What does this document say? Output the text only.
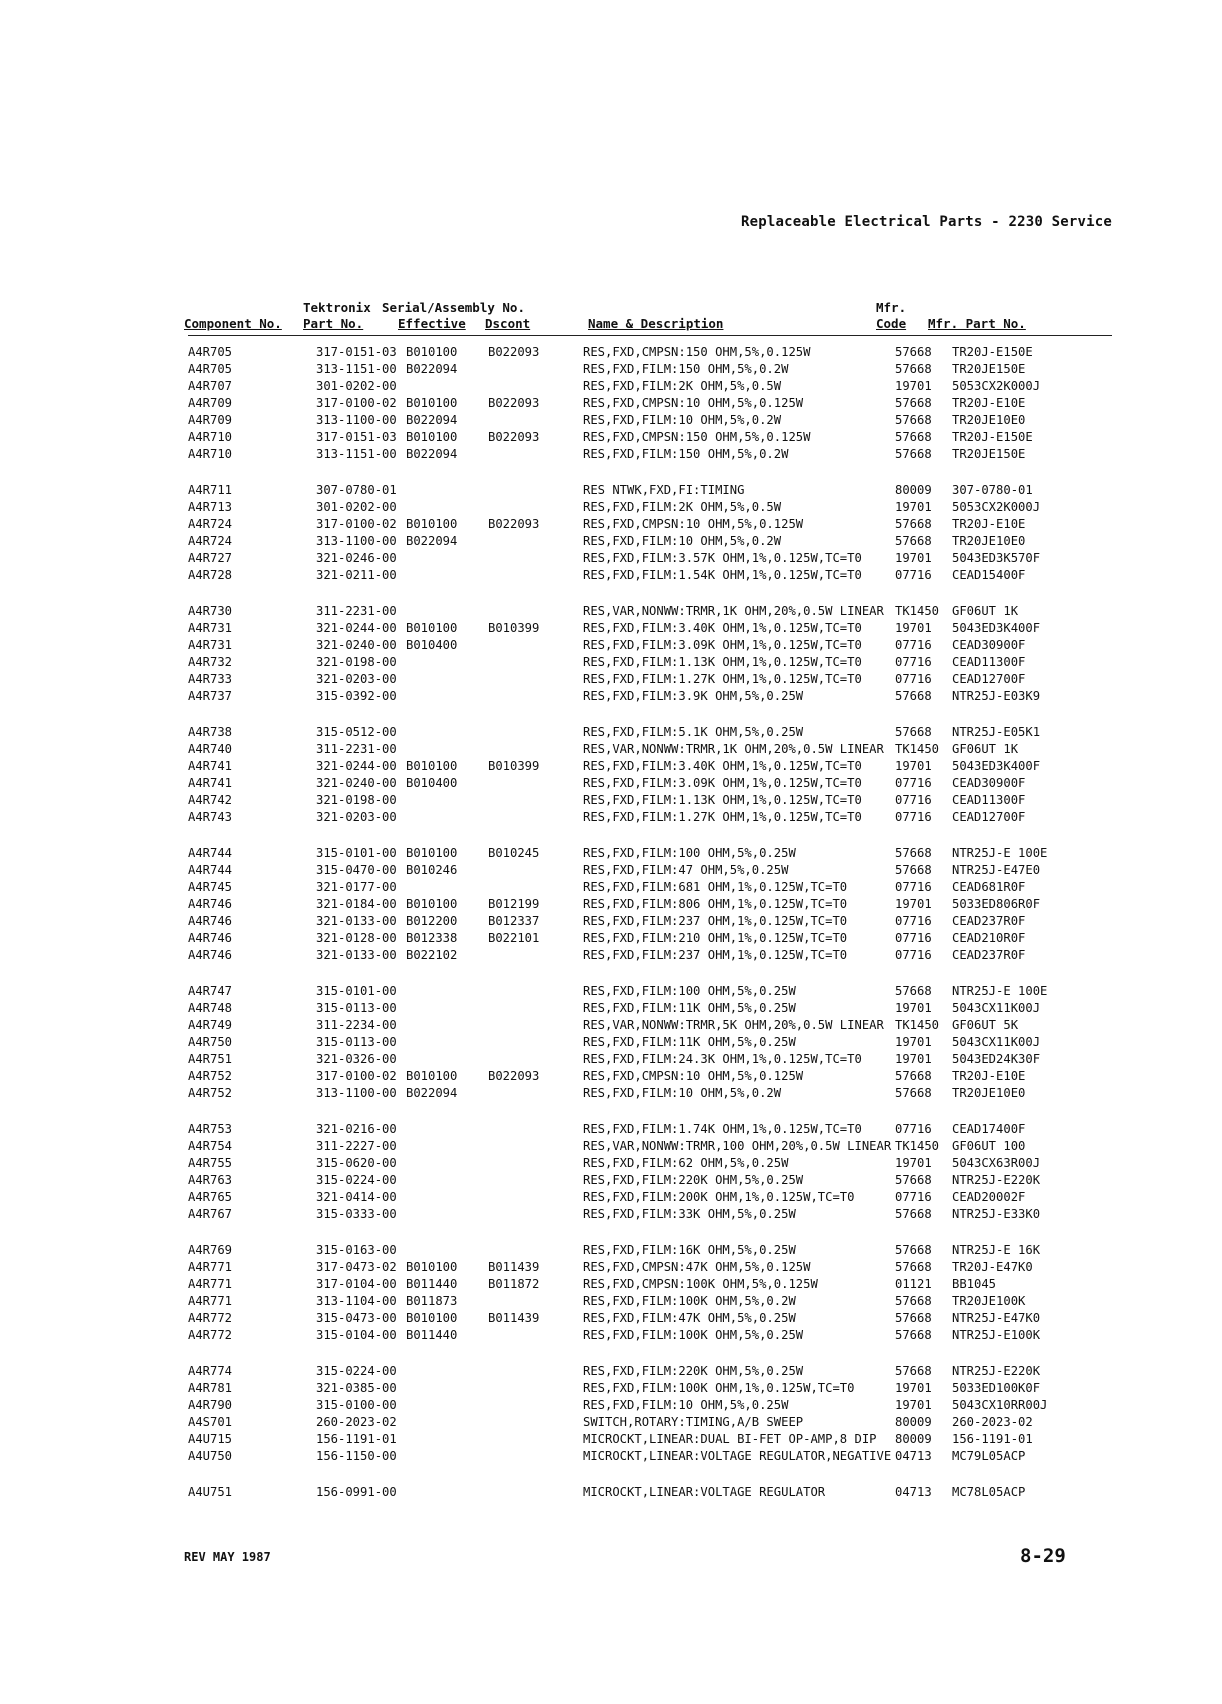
Replaceable Electrical Parts - 2230 Service
Tektronix Serial/Assembly No.	Mfr.
Component No. Part No.	Effective Dscont	Name & Description	Code Mfr. Part No.
A4R705	317-0151-03 B010100	B022093	RES,FXD,CMPSN:150 OHM,5%,0.125W	57668 TR20J-E150E
A4R705	313-1151-00 B022094	RES,FXD,FILM:150 OHM,5%,0.2W	57668 TR20JE150E
A4R707	301-0202-00	RES,FXD,FILM:2K OHM,5%,0.5W	19701 5053CX2K000J
A4R709	317-0100-02 B010100	B022093	RES,FXD,CMPSN:10 OHM,5%,0.125W	57668 TR20J-E10E
A4R709	313-1100-00 B022094	RES,FXD,FILM:10 OHM,5%,0.2W	57668 TR20JE10E0
A4R710	317-0151-03 B010100	B022093	RES,FXD,CMPSN:150 OHM,5%,0.125W	57668 TR20J-E150E
A4R710	313-1151-00 B022094	RES,FXD,FILM:150 OHM,5%,0.2W	57668 TR20JE150E
A4R711	307-0780-01	RES NTWK,FXD,FI:TIMING	80009 307-0780-01
A4R713	301-0202-00	RES,FXD,FILM:2K OHM,5%,0.5W	19701 5053CX2K000J
A4R724	317-0100-02 B010100	B022093	RES,FXD,CMPSN:10 OHM,5%,0.125W	57668 TR20J-E10E
A4R724	313-1100-00 B022094	RES,FXD,FILM:10 OHM,5%,0.2W	57668 TR20JE10E0
A4R727	321-0246-00	RES,FXD,FILM:3.57K OHM,1%,0.125W,TC=T0	19701 5043ED3K570F
A4R728	321-0211-00	RES,FXD,FILM:1.54K OHM,1%,0.125W,TC=T0	07716 CEAD15400F
A4R730	311-2231-00	RES,VAR,NONWW:TRMR,1K OHM,20%,0.5W LINEAR TK1450 GF06UT 1K
A4R731	321-0244-00 B010100	B010399	RES,FXD,FILM:3.40K OHM,1%,0.125W,TC=T0	19701 5043ED3K400F
A4R731	321-0240-00 B010400	RES,FXD,FILM:3.09K OHM,1%,0.125W,TC=T0	07716 CEAD30900F
A4R732	321-0198-00	RES,FXD,FILM:1.13K OHM,1%,0.125W,TC=T0	07716 CEAD11300F
A4R733	321-0203-00	RES,FXD,FILM:1.27K OHM,1%,0.125W,TC=T0	07716 CEAD12700F
A4R737	315-0392-00	RES,FXD,FILM:3.9K OHM,5%,0.25W	57668 NTR25J-E03K9
A4R738	315-0512-00	RES,FXD,FILM:5.1K OHM,5%,0.25W	57668 NTR25J-E05K1
A4R740	311-2231-00	RES,VAR,NONWW:TRMR,1K OHM,20%,0.5W LINEAR TK1450 GF06UT 1K
A4R741	321-0244-00 B010100	B010399	RES,FXD,FILM:3.40K OHM,1%,0.125W,TC=T0	19701 5043ED3K400F
A4R741	321-0240-00 B010400	RES,FXD,FILM:3.09K OHM,1%,0.125W,TC=T0	07716 CEAD30900F
A4R742	321-0198-00	RES,FXD,FILM:1.13K OHM,1%,0.125W,TC=T0	07716 CEAD11300F
A4R743	321-0203-00	RES,FXD,FILM:1.27K OHM,1%,0.125W,TC=T0	07716 CEAD12700F
A4R744	315-0101-00 B010100	B010245	RES,FXD,FILM:100 OHM,5%,0.25W	57668 NTR25J-E 100E
A4R744	315-0470-00 B010246	RES,FXD,FILM:47 OHM,5%,0.25W	57668 NTR25J-E47E0
A4R745	321-0177-00	RES,FXD,FILM:681 OHM,1%,0.125W,TC=T0	07716 CEAD681R0F
A4R746	321-0184-00 B010100	B012199	RES,FXD,FILM:806 OHM,1%,0.125W,TC=T0	19701 5033ED806R0F
A4R746	321-0133-00 B012200	B012337	RES,FXD,FILM:237 OHM,1%,0.125W,TC=T0	07716 CEAD237R0F
A4R746	321-0128-00 B012338	B022101	RES,FXD,FILM:210 OHM,1%,0.125W,TC=T0	07716 CEAD210R0F
A4R746	321-0133-00 B022102	RES,FXD,FILM:237 OHM,1%,0.125W,TC=T0	07716 CEAD237R0F
A4R747	315-0101-00	RES,FXD,FILM:100 OHM,5%,0.25W	57668 NTR25J-E 100E
A4R748	315-0113-00	RES,FXD,FILM:11K OHM,5%,0.25W	19701 5043CX11K00J
A4R749	311-2234-00	RES,VAR,NONWW:TRMR,5K OHM,20%,0.5W LINEAR TK1450 GF06UT 5K
A4R750	315-0113-00	RES,FXD,FILM:11K OHM,5%,0.25W	19701 5043CX11K00J
A4R751	321-0326-00	RES,FXD,FILM:24.3K OHM,1%,0.125W,TC=T0	19701 5043ED24K30F
A4R752	317-0100-02 B010100	B022093	RES,FXD,CMPSN:10 OHM,5%,0.125W	57668 TR20J-E10E
A4R752	313-1100-00 B022094	RES,FXD,FILM:10 OHM,5%,0.2W	57668 TR20JE10E0
A4R753	321-0216-00	RES,FXD,FILM:1.74K OHM,1%,0.125W,TC=T0	07716 CEAD17400F
A4R754	311-2227-00	RES,VAR,NONWW:TRMR,100 OHM,20%,0.5W LINEAR TK1450 GF06UT 100
A4R755	315-0620-00	RES,FXD,FILM:62 OHM,5%,0.25W	19701 5043CX63R00J
A4R763	315-0224-00	RES,FXD,FILM:220K OHM,5%,0.25W	57668 NTR25J-E220K
A4R765	321-0414-00	RES,FXD,FILM:200K OHM,1%,0.125W,TC=T0	07716 CEAD20002F
A4R767	315-0333-00	RES,FXD,FILM:33K OHM,5%,0.25W	57668 NTR25J-E33K0
A4R769	315-0163-00	RES,FXD,FILM:16K OHM,5%,0.25W	57668 NTR25J-E 16K
A4R771	317-0473-02 B010100	B011439	RES,FXD,CMPSN:47K OHM,5%,0.125W	57668 TR20J-E47K0
A4R771	317-0104-00 B011440	B011872	RES,FXD,CMPSN:100K OHM,5%,0.125W	01121 BB1045
A4R771	313-1104-00 B011873	RES,FXD,FILM:100K OHM,5%,0.2W	57668 TR20JE100K
A4R772	315-0473-00 B010100	B011439	RES,FXD,FILM:47K OHM,5%,0.25W	57668 NTR25J-E47K0
A4R772	315-0104-00 B011440	RES,FXD,FILM:100K OHM,5%,0.25W	57668 NTR25J-E100K
A4R774	315-0224-00	RES,FXD,FILM:220K OHM,5%,0.25W	57668 NTR25J-E220K
A4R781	321-0385-00	RES,FXD,FILM:100K OHM,1%,0.125W,TC=T0	19701 5033ED100K0F
A4R790	315-0100-00	RES,FXD,FILM:10 OHM,5%,0.25W	19701 5043CX10RR00J
A4S701	260-2023-02	SWITCH,ROTARY:TIMING,A/B SWEEP	80009 260-2023-02
A4U715	156-1191-01	MICROCKT,LINEAR:DUAL BI-FET OP-AMP,8 DIP 80009 156-1191-01
A4U750	156-1150-00	MICROCKT,LINEAR:VOLTAGE REGULATOR,NEGATIVE 04713 MC79L05ACP
A4U751	156-0991-00	MICROCKT,LINEAR:VOLTAGE REGULATOR	04713 MC78L05ACP
REV MAY 1987	8-29
